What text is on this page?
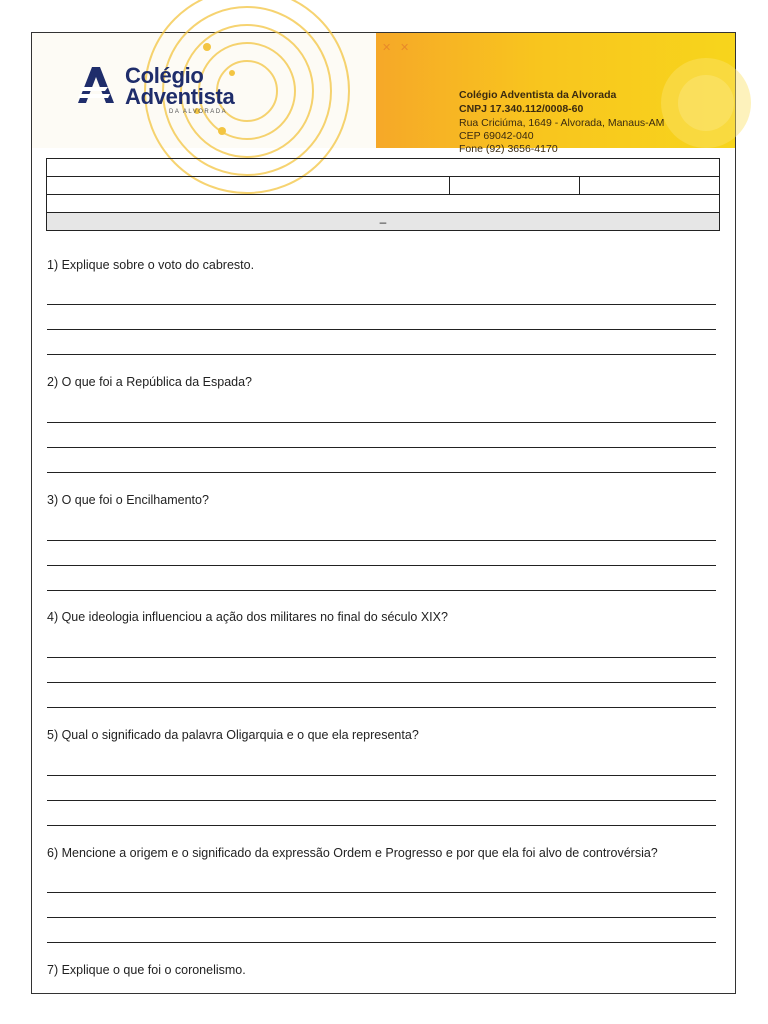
Colégio
Adventista
DA ALVORADA
✕ ✕
Colégio Adventista da Alvorada
CNPJ 17.340.112/0008-60
Rua Criciúma, 1649 - Alvorada, Manaus-AM
CEP 69042-040
Fone (92) 3656-4170

–
1) Explique sobre o voto do cabresto.
2) O que foi a República da Espada?
3) O que foi o Encilhamento?
4) Que ideologia influenciou a ação dos militares no final do século XIX?
5) Qual o significado da palavra Oligarquia e o que ela representa?
6) Mencione a origem e o significado da expressão Ordem e Progresso e por que ela foi alvo de controvérsia?
7) Explique o que foi o coronelismo.
